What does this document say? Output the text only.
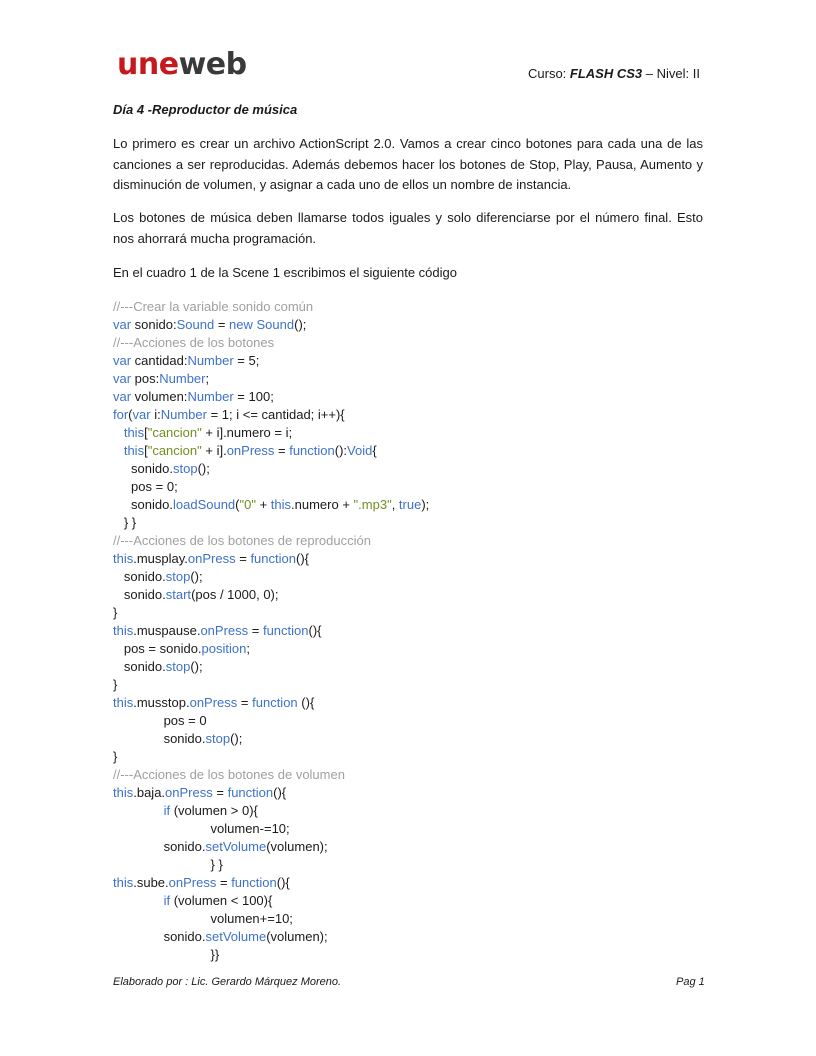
uneweb	Curso: FLASH CS3 – Nivel: II
Día 4 -Reproductor de música

Lo primero es crear un archivo ActionScript 2.0. Vamos a crear cinco botones para cada una de las canciones a ser reproducidas. Además debemos hacer los botones de Stop, Play, Pausa, Aumento y disminución de volumen, y asignar a cada uno de ellos un nombre de instancia.

Los botones de música deben llamarse todos iguales y solo diferenciarse por el número final. Esto nos ahorrará mucha programación.

En el cuadro 1 de la Scene 1 escribimos el siguiente código

//---Crear la variable sonido común
var sonido:Sound = new Sound();
//---Acciones de los botones
var cantidad:Number = 5;
var pos:Number;
var volumen:Number = 100;
for(var i:Number = 1; i <= cantidad; i++){
this["cancion" + i].numero = i;
this["cancion" + i].onPress = function():Void{
sonido.stop();
pos = 0;
sonido.loadSound("0" + this.numero + ".mp3", true);
} }
//---Acciones de los botones de reproducción
this.musplay.onPress = function(){
sonido.stop();
sonido.start(pos / 1000, 0);
}
this.muspause.onPress = function(){
pos = sonido.position;
sonido.stop();
}
this.musstop.onPress = function (){
pos = 0
sonido.stop();
}
//---Acciones de los botones de volumen
this.baja.onPress = function(){
if (volumen > 0){
volumen-=10;
sonido.setVolume(volumen);
} }
this.sube.onPress = function(){
if (volumen < 100){
volumen+=10;
sonido.setVolume(volumen);
}}
Elaborado por : Lic. Gerardo Márquez Moreno.	Pag 1
